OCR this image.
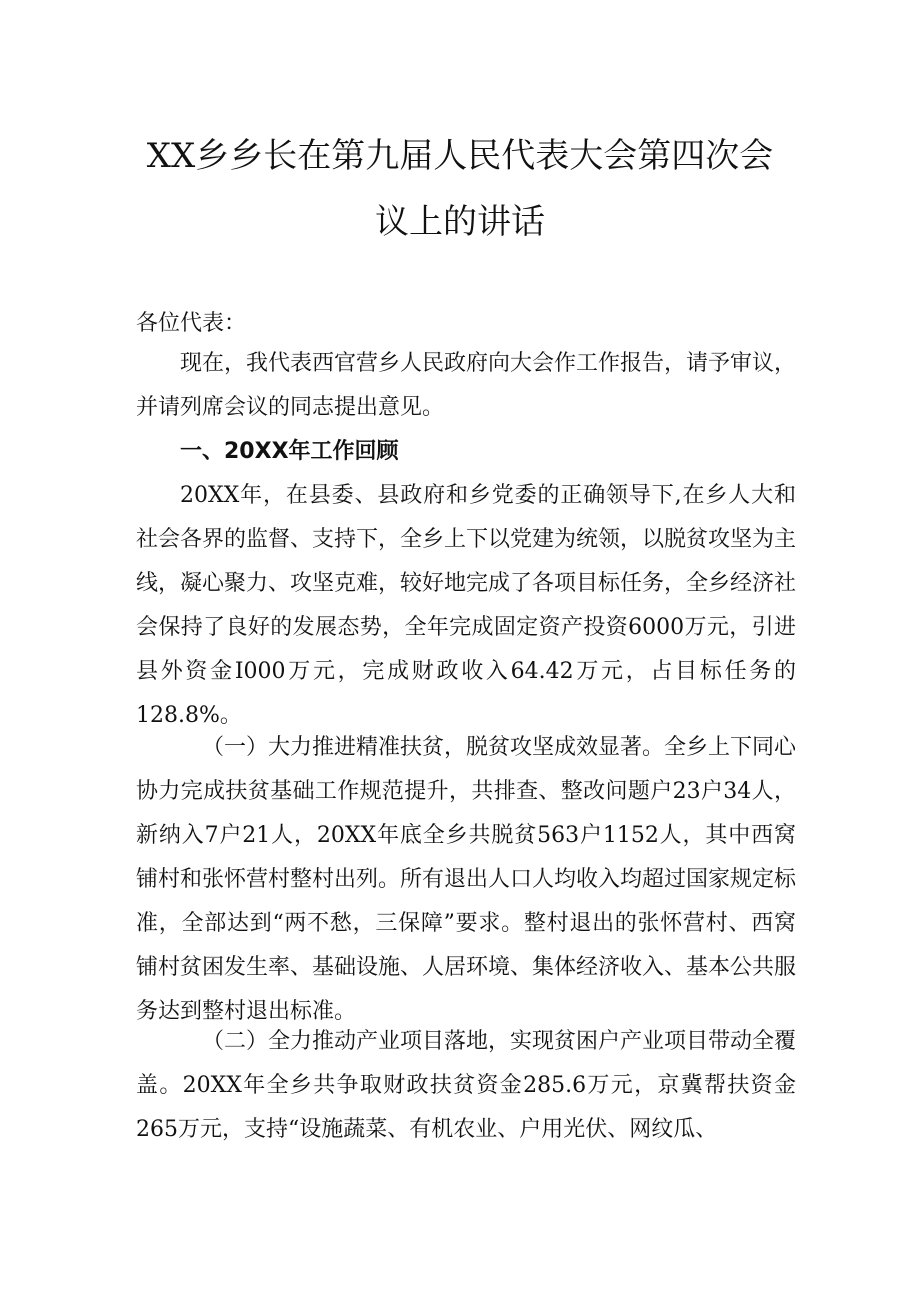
XX乡乡长在第九届人民代表大会第四次会
议上的讲话

各位代表：

现在，我代表西官营乡人民政府向大会作工作报告，请予审议，并请列席会议的同志提出意见。

一、20XX年工作回顾

20XX年，在县委、县政府和乡党委的正确领导下,在乡人大和社会各界的监督、支持下，全乡上下以党建为统领，以脱贫攻坚为主线，凝心聚力、攻坚克难，较好地完成了各项目标任务，全乡经济社会保持了良好的发展态势，全年完成固定资产投资6000万元，引进县外资金I000万元，完成财政收入64.42万元，占目标任务的128.8%。

（一）大力推进精准扶贫，脱贫攻坚成效显著。全乡上下同心协力完成扶贫基础工作规范提升，共排查、整改问题户23户34人，新纳入7户21人，20XX年底全乡共脱贫563户1152人，其中西窝铺村和张怀营村整村出列。所有退出人口人均收入均超过国家规定标准，全部达到“两不愁，三保障”要求。整村退出的张怀营村、西窝铺村贫困发生率、基础设施、人居环境、集体经济收入、基本公共服务达到整村退出标准。

（二）全力推动产业项目落地，实现贫困户产业项目带动全覆盖。20XX年全乡共争取财政扶贫资金285.6万元，京冀帮扶资金265万元，支持“设施蔬菜、有机农业、户用光伏、网纹瓜、
